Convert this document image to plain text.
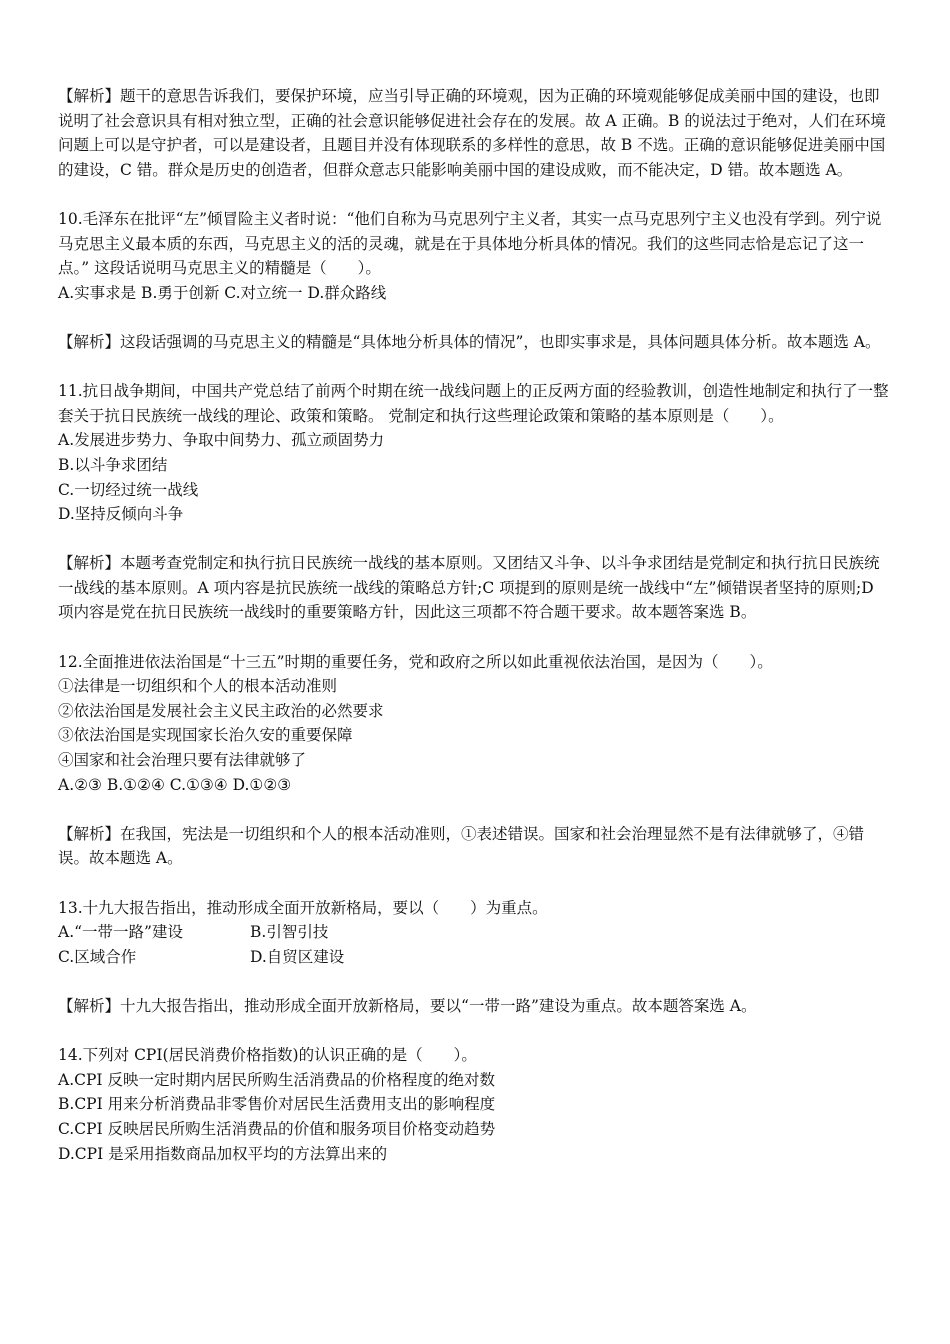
【解析】题干的意思告诉我们，要保护环境，应当引导正确的环境观，因为正确的环境观能够促成美丽中国的建设，也即说明了社会意识具有相对独立型，正确的社会意识能够促进社会存在的发展。故 A 正确。B 的说法过于绝对，人们在环境问题上可以是守护者，可以是建设者，且题目并没有体现联系的多样性的意思，故 B 不选。正确的意识能够促进美丽中国的建设，C 错。群众是历史的创造者，但群众意志只能影响美丽中国的建设成败，而不能决定，D 错。故本题选 A。

10.毛泽东在批评“左”倾冒险主义者时说：“他们自称为马克思列宁主义者，其实一点马克思列宁主义也没有学到。列宁说马克思主义最本质的东西，马克思主义的活的灵魂，就是在于具体地分析具体的情况。我们的这些同志恰是忘记了这一点。” 这段话说明马克思主义的精髓是（　　）。

A.实事求是 B.勇于创新 C.对立统一 D.群众路线

【解析】这段话强调的马克思主义的精髓是“具体地分析具体的情况”，也即实事求是，具体问题具体分析。故本题选 A。

11.抗日战争期间，中国共产党总结了前两个时期在统一战线问题上的正反两方面的经验教训，创造性地制定和执行了一整套关于抗日民族统一战线的理论、政策和策略。 党制定和执行这些理论政策和策略的基本原则是（　　）。

A.发展进步势力、争取中间势力、孤立顽固势力
B.以斗争求团结
C.一切经过统一战线
D.坚持反倾向斗争

【解析】本题考查党制定和执行抗日民族统一战线的基本原则。又团结又斗争、以斗争求团结是党制定和执行抗日民族统一战线的基本原则。A 项内容是抗民族统一战线的策略总方针;C 项提到的原则是统一战线中“左”倾错误者坚持的原则;D 项内容是党在抗日民族统一战线时的重要策略方针，因此这三项都不符合题干要求。故本题答案选 B。

12.全面推进依法治国是“十三五”时期的重要任务，党和政府之所以如此重视依法治国，是因为（　　）。

①法律是一切组织和个人的根本活动准则
②依法治国是发展社会主义民主政治的必然要求
③依法治国是实现国家长治久安的重要保障
④国家和社会治理只要有法律就够了

A.②③ B.①②④ C.①③④ D.①②③

【解析】在我国，宪法是一切组织和个人的根本活动准则，①表述错误。国家和社会治理显然不是有法律就够了，④错误。故本题选 A。

13.十九大报告指出，推动形成全面开放新格局，要以（　　）为重点。

A.“一带一路”建设	B.引智引技
C.区域合作	D.自贸区建设

【解析】十九大报告指出，推动形成全面开放新格局，要以“一带一路”建设为重点。故本题答案选 A。

14.下列对 CPI(居民消费价格指数)的认识正确的是（　　）。

A.CPI 反映一定时期内居民所购生活消费品的价格程度的绝对数
B.CPI 用来分析消费品非零售价对居民生活费用支出的影响程度
C.CPI 反映居民所购生活消费品的价值和服务项目价格变动趋势
D.CPI 是采用指数商品加权平均的方法算出来的
